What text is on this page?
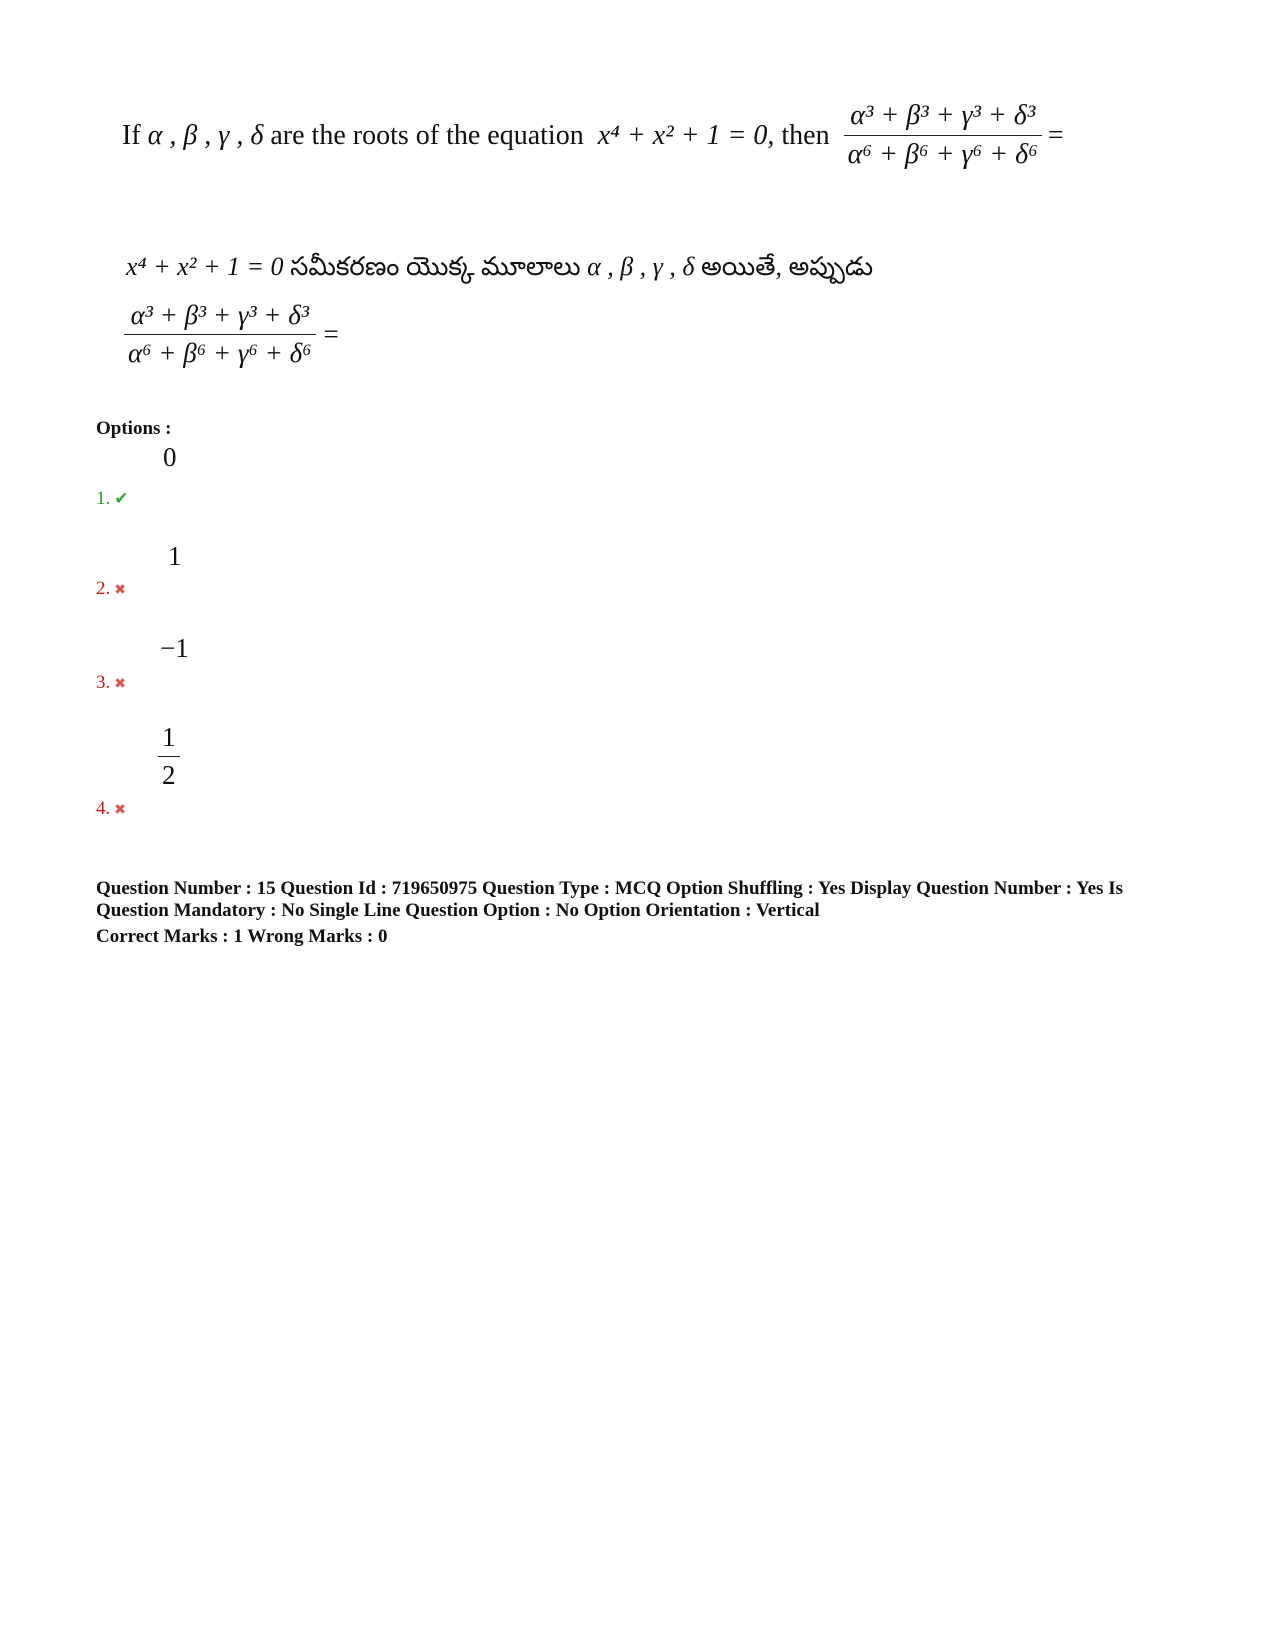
If α , β , γ , δ are the roots of the equation x⁴ + x² + 1 = 0, then $\frac{\text{α³ + β³ + γ³ + δ³}}{\text{α⁶ + β⁶ + γ⁶ + δ⁶}}$ =
x⁴ + x² + 1 = 0 సమీకరణం యొక్క మూలాలు α , β , γ , δ అయితే, అప్పుడు
$\frac{\text{α³ + β³ + γ³ + δ³}}{\text{α⁶ + β⁶ + γ⁶ + δ⁶}}$ =
Options :
0
1. ✔
1
2. ✖
−1
3. ✖
$\frac{1}{2}$
4. ✖
Question Number : 15 Question Id : 719650975 Question Type : MCQ Option Shuffling : Yes Display Question Number : Yes Is Question Mandatory : No Single Line Question Option : No Option Orientation : Vertical
Correct Marks : 1 Wrong Marks : 0
